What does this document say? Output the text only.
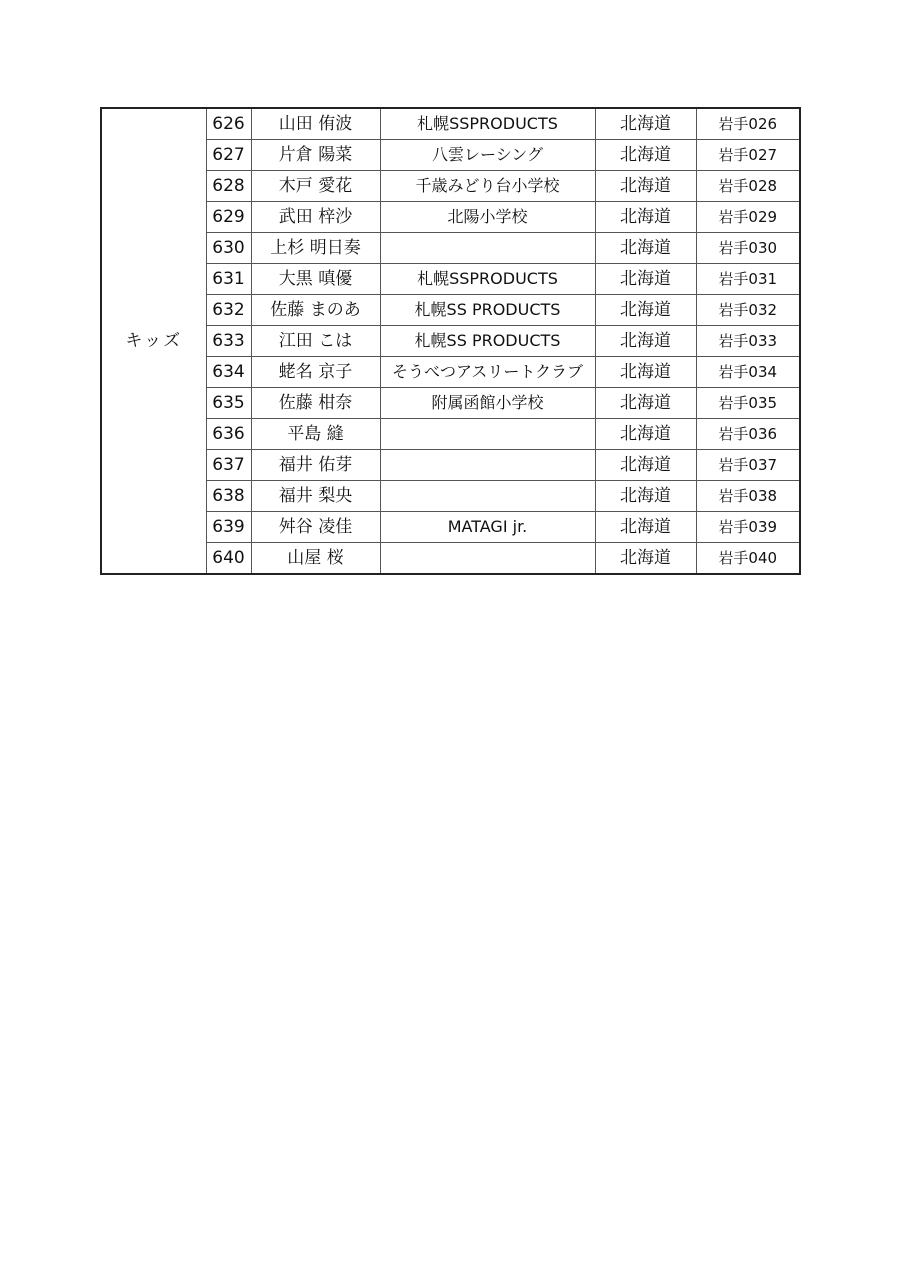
キッズ	626	山田 侑波	札幌SSPRODUCTS	北海道	岩手026
	627	片倉 陽菜	八雲レーシング	北海道	岩手027
	628	木戸 愛花	千歳みどり台小学校	北海道	岩手028
	629	武田 梓沙	北陽小学校	北海道	岩手029
	630	上杉 明日奏		北海道	岩手030
	631	大黒 嗔優	札幌SSPRODUCTS	北海道	岩手031
	632	佐藤 まのあ	札幌SS PRODUCTS	北海道	岩手032
	633	江田 こは	札幌SS PRODUCTS	北海道	岩手033
	634	蛯名 京子	そうべつアスリートクラブ	北海道	岩手034
	635	佐藤 柑奈	附属函館小学校	北海道	岩手035
	636	平島 縫		北海道	岩手036
	637	福井 佑芽		北海道	岩手037
	638	福井 梨央		北海道	岩手038
	639	舛谷 凌佳	MATAGI jr.	北海道	岩手039
	640	山屋 桜		北海道	岩手040
